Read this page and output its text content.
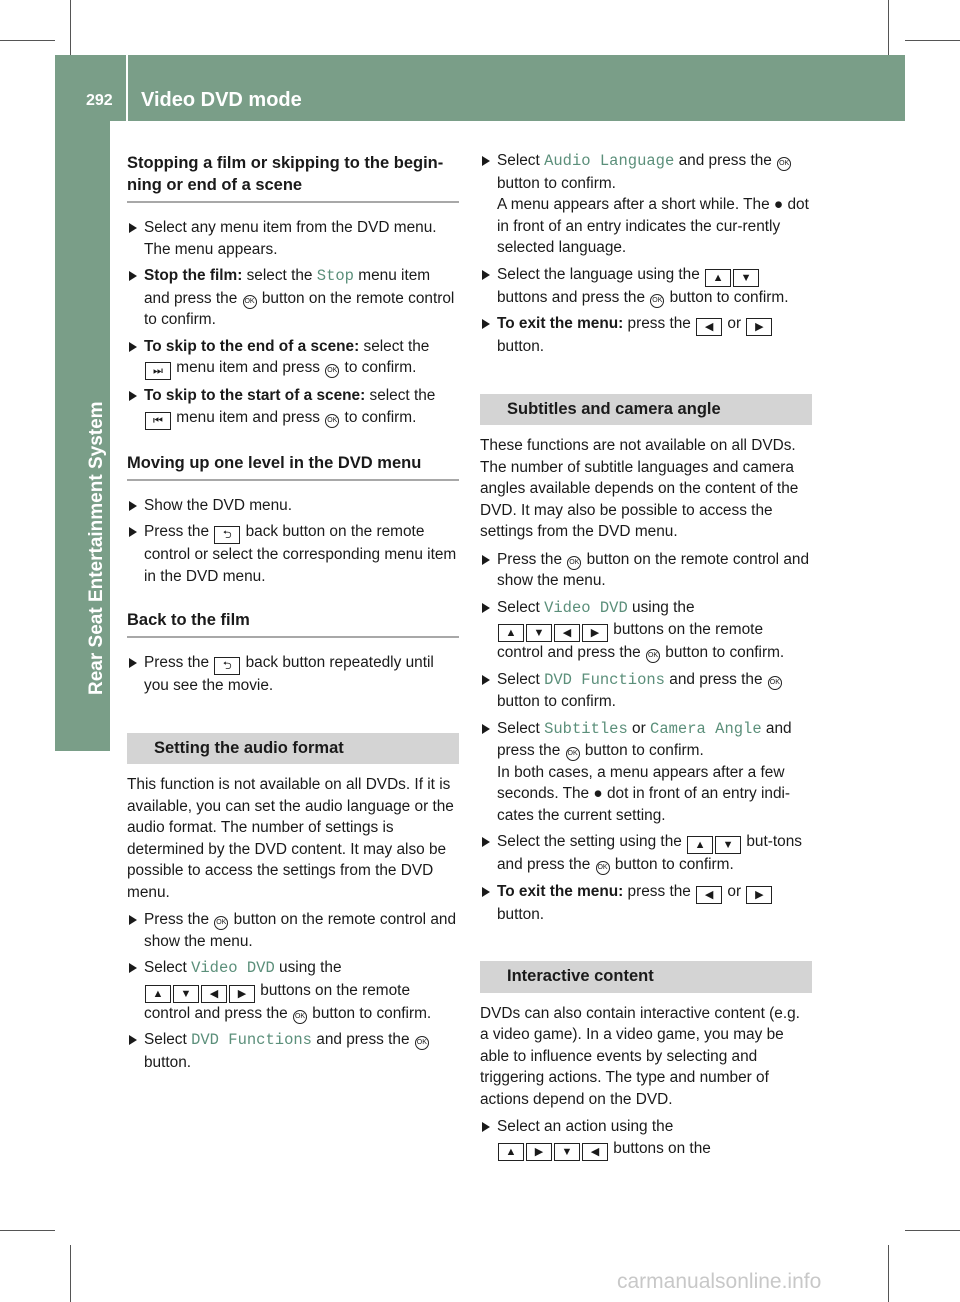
292 Video DVD mode
Rear Seat Entertainment System
Stopping a film or skipping to the begin-ning or end of a scene
Select any menu item from the DVD menu. The menu appears.
Stop the film: select the Stop menu item and press the OK button on the remote control to confirm.
To skip to the end of a scene: select the ⏭ menu item and press OK to confirm.
To skip to the start of a scene: select the ⏮ menu item and press OK to confirm.
Moving up one level in the DVD menu
Show the DVD menu.
Press the ⮌ back button on the remote control or select the corresponding menu item in the DVD menu.
Back to the film
Press the ⮌ back button repeatedly until you see the movie.
Setting the audio format
This function is not available on all DVDs. If it is available, you can set the audio language or the audio format. The number of settings is determined by the DVD content. It may also be possible to access the settings from the DVD menu.
Press the OK button on the remote control and show the menu.
Select Video DVD using the
▲ ▼ ◀ ▶ buttons on the remote control and press the OK button to confirm.
Select DVD Functions and press the OK button.
Select Audio Language and press the OK button to confirm.
A menu appears after a short while. The ● dot in front of an entry indicates the cur-rently selected language.
Select the language using the ▲ ▼ buttons and press the OK button to confirm.
To exit the menu: press the ◀ or ▶ button.
Subtitles and camera angle
These functions are not available on all DVDs. The number of subtitle languages and camera angles available depends on the content of the DVD. It may also be possible to access the settings from the DVD menu.
Press the OK button on the remote control and show the menu.
Select Video DVD using the
▲ ▼ ◀ ▶ buttons on the remote control and press the OK button to confirm.
Select DVD Functions and press the OK button to confirm.
Select Subtitles or Camera Angle and press the OK button to confirm.
In both cases, a menu appears after a few seconds. The ● dot in front of an entry indi-cates the current setting.
Select the setting using the ▲ ▼ but-tons and press the OK button to confirm.
To exit the menu: press the ◀ or ▶ button.
Interactive content
DVDs can also contain interactive content (e.g. a video game). In a video game, you may be able to influence events by selecting and triggering actions. The type and number of actions depend on the DVD.
Select an action using the
▲ ▶ ▼ ◀ buttons on the
carmanualsonline.info
